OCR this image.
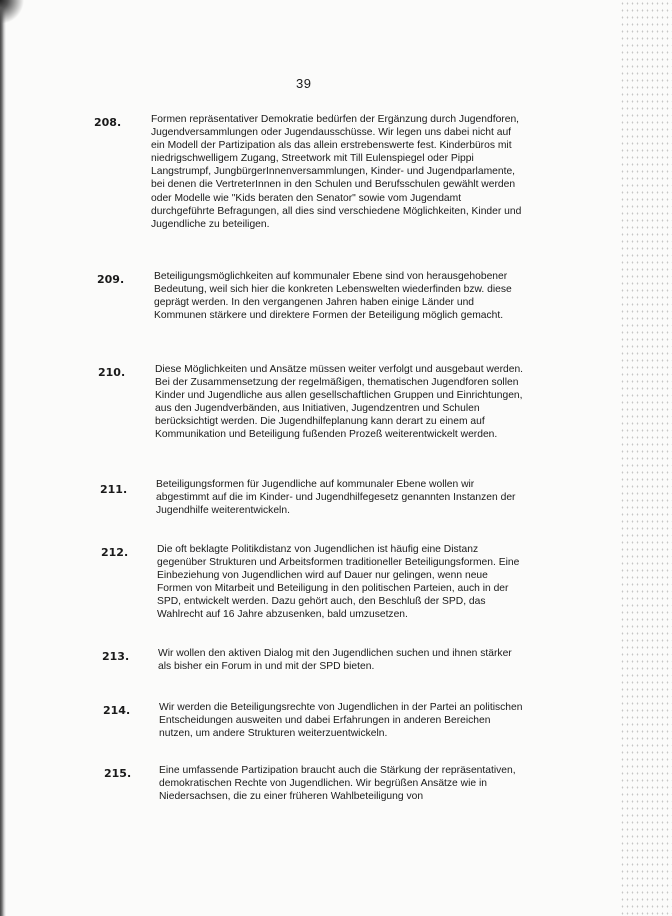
39
208.	Formen repräsentativer Demokratie bedürfen der Ergänzung durch Jugendforen, Jugendversammlungen oder Jugendausschüsse. Wir legen uns dabei nicht auf ein Modell der Partizipation als das allein erstrebenswerte fest. Kinderbüros mit niedrigschwelligem Zugang, Streetwork mit Till Eulenspiegel oder Pippi Langstrumpf, JungbürgerInnenversammlungen, Kinder- und Jugendparlamente, bei denen die VertreterInnen in den Schulen und Berufsschulen gewählt werden oder Modelle wie "Kids beraten den Senator" sowie vom Jugendamt durchgeführte Befragungen, all dies sind verschiedene Möglichkeiten, Kinder und Jugendliche zu beteiligen.
209.	Beteiligungsmöglichkeiten auf kommunaler Ebene sind von herausgehobener Bedeutung, weil sich hier die konkreten Lebenswelten wiederfinden bzw. diese geprägt werden. In den vergangenen Jahren haben einige Länder und Kommunen stärkere und direktere Formen der Beteiligung möglich gemacht.
210.	Diese Möglichkeiten und Ansätze müssen weiter verfolgt und ausgebaut werden. Bei der Zusammensetzung der regelmäßigen, thematischen Jugendforen sollen Kinder und Jugendliche aus allen gesellschaftlichen Gruppen und Einrichtungen, aus den Jugendverbänden, aus Initiativen, Jugendzentren und Schulen berücksichtigt werden. Die Jugendhilfeplanung kann derart zu einem auf Kommunikation und Beteiligung fußenden Prozeß weiterentwickelt werden.
211.	Beteiligungsformen für Jugendliche auf kommunaler Ebene wollen wir abgestimmt auf die im Kinder- und Jugendhilfegesetz genannten Instanzen der Jugendhilfe weiterentwickeln.
212.	Die oft beklagte Politikdistanz von Jugendlichen ist häufig eine Distanz gegenüber Strukturen und Arbeitsformen traditioneller Beteiligungsformen. Eine Einbeziehung von Jugendlichen wird auf Dauer nur gelingen, wenn neue Formen von Mitarbeit und Beteiligung in den politischen Parteien, auch in der SPD, entwickelt werden. Dazu gehört auch, den Beschluß der SPD, das Wahlrecht auf 16 Jahre abzusenken, bald umzusetzen.
213.	Wir wollen den aktiven Dialog mit den Jugendlichen suchen und ihnen stärker als bisher ein Forum in und mit der SPD bieten.
214.	Wir werden die Beteiligungsrechte von Jugendlichen in der Partei an politischen Entscheidungen ausweiten und dabei Erfahrungen in anderen Bereichen nutzen, um andere Strukturen weiterzuentwickeln.
215.	Eine umfassende Partizipation braucht auch die Stärkung der repräsentativen, demokratischen Rechte von Jugendlichen. Wir begrüßen Ansätze wie in Niedersachsen, die zu einer früheren Wahlbeteiligung von
